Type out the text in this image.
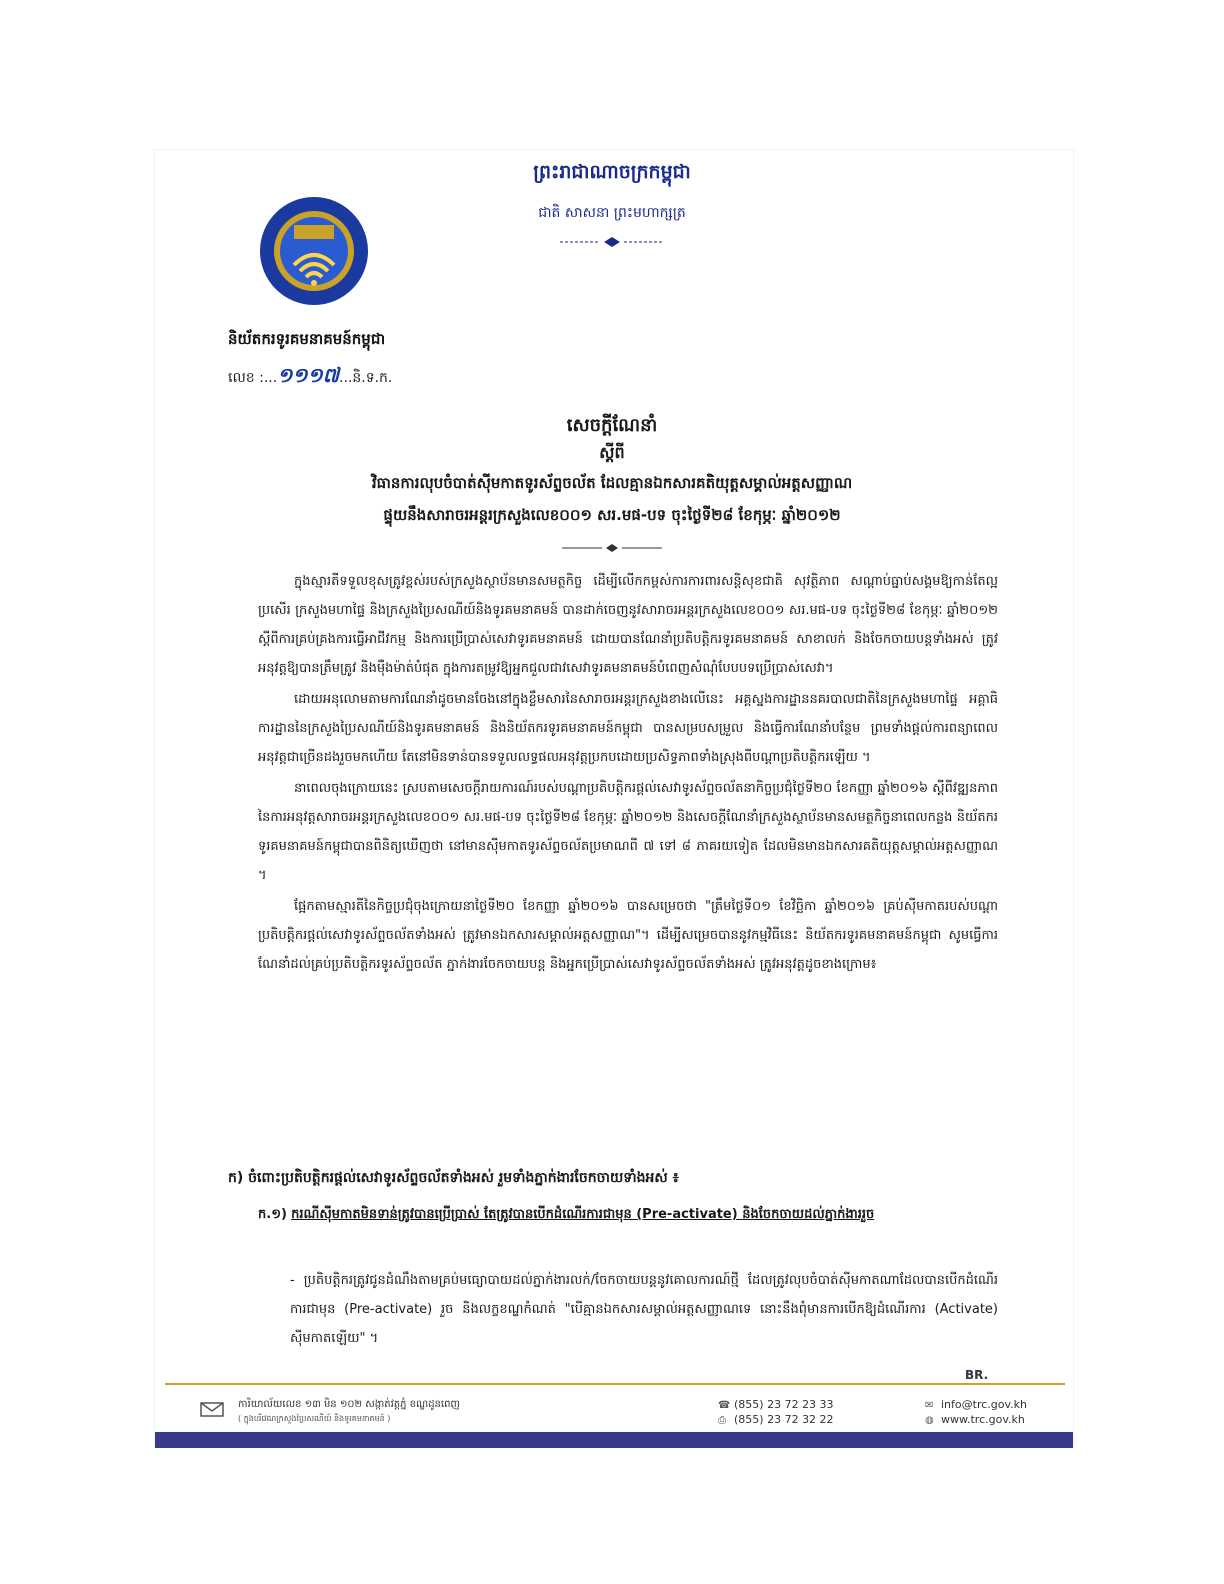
និយ័តករទូរគមនាគមន៍កម្ពុជា
លេខ :...១១១៧...និ.ទ.ក.
ព្រះរាជាណាចក្រកម្ពុជា
ជាតិ សាសនា ព្រះមហាក្សត្រ
សេចក្តីណែនាំ
ស្តីពី
វិធានការលុបចំបាត់ស៊ីមកាតទូរស័ព្ទចល័ត ដែលគ្មានឯកសារគតិយុត្តសម្គាល់អត្តសញ្ញាណ
ផ្ទុយនឹងសារាចរអន្តរក្រសួងលេខ០០១ សរ.មផ-បទ ចុះថ្ងៃទី២៨ ខែកុម្ភៈ ឆ្នាំ២០១២

ក្នុងស្មារតីទទួលខុសត្រូវខ្ពស់របស់ក្រសួងស្ថាប័នមានសមត្ថកិច្ច ដើម្បីលើកកម្ពស់ការការពារសន្តិសុខជាតិ សុវត្ថិភាព សណ្តាប់ធ្នាប់សង្គមឱ្យកាន់តែល្អប្រសើរ ក្រសួងមហាផ្ទៃ និងក្រសួងប្រៃសណីយ៍និងទូរគមនាគមន៍ បានដាក់ចេញនូវសារាចរអន្តរក្រសួងលេខ០០១ សរ.មផ-បទ ចុះថ្ងៃទី២៨ ខែកុម្ភៈ ឆ្នាំ២០១២ ស្តីពីការគ្រប់គ្រងការធ្វើអាជីវកម្ម និងការប្រើប្រាស់សេវាទូរគមនាគមន៍ ដោយបានណែនាំប្រតិបត្តិករទូរគមនាគមន៍ សាខាលក់ និងចែកចាយបន្តទាំងអស់ ត្រូវអនុវត្តឱ្យបានត្រឹមត្រូវ និងម៉ឺងម៉ាត់បំផុត ក្នុងការតម្រូវឱ្យអ្នកជួលជាវសេវាទូរគមនាគមន៍បំពេញសំណុំបែបបទប្រើប្រាស់សេវា។

ដោយអនុលោមតាមការណែនាំដូចមានចែងនៅក្នុងខ្លឹមសារនៃសារាចរអន្តរក្រសួងខាងលើនេះ អគ្គស្នងការដ្ឋាននគរបាលជាតិនៃក្រសួងមហាផ្ទៃ អគ្គាធិការដ្ឋាននៃក្រសួងប្រៃសណីយ៍និងទូរគមនាគមន៍ និងនិយ័តករទូរគមនាគមន៍កម្ពុជា បានសម្របសម្រួល និងធ្វើការណែនាំបន្ថែម ព្រមទាំងផ្តល់ការពន្យាពេលអនុវត្តជាច្រើនដងរួចមកហើយ តែនៅមិនទាន់បានទទួលលទ្ធផលអនុវត្តប្រកបដោយប្រសិទ្ធភាពទាំងស្រុងពីបណ្តាប្រតិបត្តិករឡើយ ។

នាពេលចុងក្រោយនេះ ស្របតាមសេចក្តីរាយការណ៍របស់បណ្តាប្រតិបត្តិករផ្តល់សេវាទូរស័ព្ទចល័តនាកិច្ចប្រជុំថ្ងៃទី២០ ខែកញ្ញា ឆ្នាំ២០១៦ ស្តីពីវឌ្ឍនភាពនៃការអនុវត្តសារាចរអន្តរក្រសួងលេខ០០១ សរ.មផ-បទ ចុះថ្ងៃទី២៨ ខែកុម្ភៈ ឆ្នាំ២០១២ និងសេចក្តីណែនាំក្រសួងស្ថាប័នមានសមត្ថកិច្ចនាពេលកន្លង និយ័តករទូរគមនាគមន៍កម្ពុជាបានពិនិត្យឃើញថា នៅមានស៊ីមកាតទូរស័ព្ទចល័តប្រមាណពី ៧ ទៅ ៨ ភាគរយទៀត ដែលមិនមានឯកសារគតិយុត្តសម្គាល់អត្តសញ្ញាណ ។

ផ្អែកតាមស្មារតីនៃកិច្ចប្រជុំចុងក្រោយនាថ្ងៃទី២០ ខែកញ្ញា ឆ្នាំ២០១៦ បានសម្រេចថា "ត្រឹមថ្ងៃទី០១ ខែវិច្ឆិកា ឆ្នាំ២០១៦ គ្រប់ស៊ីមកាតរបស់បណ្តាប្រតិបត្តិករផ្តល់សេវាទូរស័ព្ទចល័តទាំងអស់ ត្រូវមានឯកសារសម្គាល់អត្តសញ្ញាណ"។ ដើម្បីសម្រេចបាននូវកម្មវិធីនេះ និយ័តករទូរគមនាគមន៍កម្ពុជា សូមធ្វើការណែនាំដល់គ្រប់ប្រតិបត្តិករទូរស័ព្ទចល័ត ភ្នាក់ងារចែកចាយបន្ត និងអ្នកប្រើប្រាស់សេវាទូរស័ព្ទចល័តទាំងអស់ ត្រូវអនុវត្តដូចខាងក្រោម៖

ក) ចំពោះប្រតិបត្តិករផ្តល់សេវាទូរស័ព្ទចល័តទាំងអស់ រួមទាំងភ្នាក់ងារចែកចាយទាំងអស់ ៖
ក.១) ករណីស៊ីមកាតមិនទាន់ត្រូវបានប្រើប្រាស់ តែត្រូវបានបើកដំណើរការជាមុន (Pre-activate) និងចែកចាយដល់ភ្នាក់ងាររួច
- ប្រតិបត្តិករត្រូវជូនដំណឹងតាមគ្រប់មធ្យោបាយដល់ភ្នាក់ងារលក់/ចែកចាយបន្តនូវគោលការណ៍ថ្មី ដែលត្រូវលុបចំបាត់ស៊ីមកាតណាដែលបានបើកដំណើរការជាមុន (Pre-activate) រួច និងលក្ខខណ្ឌកំណត់ "បើគ្មានឯកសារសម្គាល់អត្តសញ្ញាណទេ នោះនឹងពុំមានការបើកឱ្យដំណើរការ (Activate) ស៊ីមកាតឡើយ" ។
BR.
ការិយាល័យលេខ ១៣ មិន ១០២ សង្កាត់វត្តភ្នំ ខណ្ឌដូនពេញ
( ក្នុងបរិវេណក្រសួងប្រៃសណីយ៍ និងទូរគមនាគមន៍ )
☎ (855) 23 72 23 33
⎙ (855) 23 72 32 22
✉ info@trc.gov.kh
◍ www.trc.gov.kh
